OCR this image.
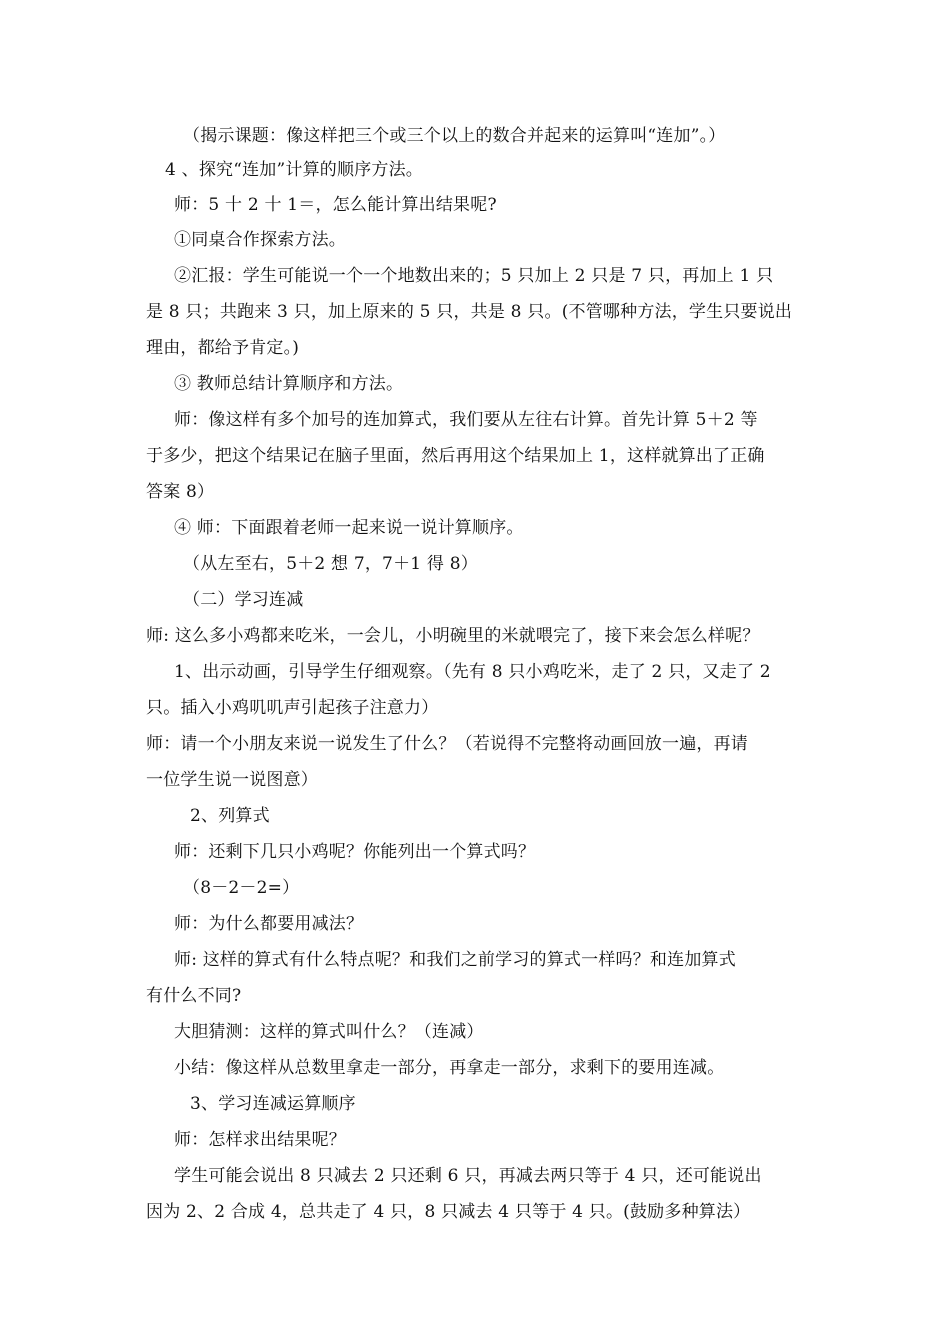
（揭示课题：像这样把三个或三个以上的数合并起来的运算叫“连加”。）
4 、探究“连加”计算的顺序方法。
师：5 十 2 十 1＝，怎么能计算出结果呢?
①同桌合作探索方法。
②汇报：学生可能说一个一个地数出来的；5 只加上 2 只是 7 只，再加上 1 只
是 8 只；共跑来 3 只，加上原来的 5 只，共是 8 只。(不管哪种方法，学生只要说出
理由，都给予肯定。)
③ 教师总结计算顺序和方法。
师：像这样有多个加号的连加算式，我们要从左往右计算。首先计算 5＋2 等
于多少，把这个结果记在脑子里面，然后再用这个结果加上 1，这样就算出了正确
答案 8）
④ 师：下面跟着老师一起来说一说计算顺序。
（从左至右，5＋2 想 7，7＋1 得 8）
（二）学习连减
师: 这么多小鸡都来吃米，一会儿，小明碗里的米就喂完了，接下来会怎么样呢？
1、出示动画，引导学生仔细观察。（先有 8 只小鸡吃米，走了 2 只，又走了 2
只。插入小鸡叽叽声引起孩子注意力）
师：请一个小朋友来说一说发生了什么？（若说得不完整将动画回放一遍，再请
一位学生说一说图意）
2、列算式
师：还剩下几只小鸡呢？你能列出一个算式吗？
（8－2－2=）
师：为什么都要用减法？
师: 这样的算式有什么特点呢？和我们之前学习的算式一样吗？和连加算式
有什么不同?
大胆猜测：这样的算式叫什么？（连减）
小结：像这样从总数里拿走一部分，再拿走一部分，求剩下的要用连减。
3、学习连减运算顺序
师：怎样求出结果呢？
学生可能会说出 8 只减去 2 只还剩 6 只，再减去两只等于 4 只，还可能说出
因为 2、2 合成 4，总共走了 4 只，8 只减去 4 只等于 4 只。(鼓励多种算法）
